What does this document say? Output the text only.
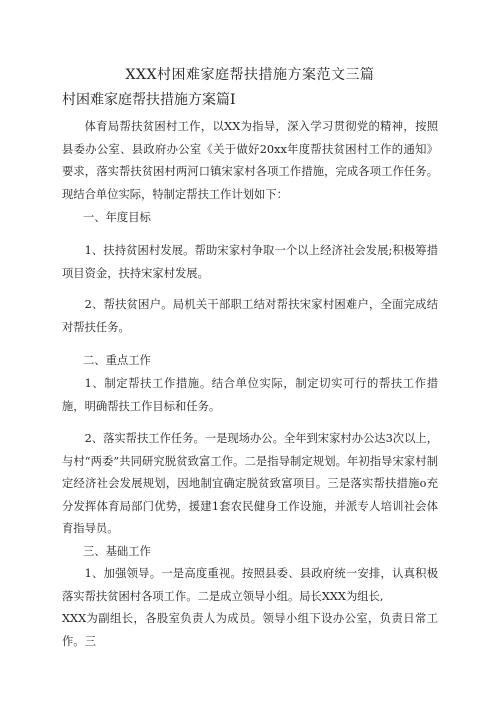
XXX村困难家庭帮扶措施方案范文三篇
村困难家庭帮扶措施方案篇Ⅰ

体育局帮扶贫困村工作，以XX为指导，深入学习贯彻党的精神，按照县委办公室、县政府办公室《关于做好20xx年度帮扶贫困村工作的通知》要求，落实帮扶贫困村两河口镇宋家村各项工作措施，完成各项工作任务。现结合单位实际，特制定帮扶工作计划如下：

一、年度目标

1、扶持贫困村发展。帮助宋家村争取一个以上经济社会发展;积极筹措项目资金，扶持宋家村发展。

2、帮扶贫困户。局机关干部职工结对帮扶宋家村困难户，全面完成结对帮扶任务。

二、重点工作

1、制定帮扶工作措施。结合单位实际，制定切实可行的帮扶工作措施，明确帮扶工作目标和任务。

2、落实帮扶工作任务。一是现场办公。全年到宋家村办公达3次以上，与村“两委”共同研究脱贫致富工作。二是指导制定规划。年初指导宋家村制定经济社会发展规划，因地制宜确定脱贫致富项目。三是落实帮扶措施o充分发挥体育局部门优势，援建1套农民健身工作设施，并派专人培训社会体育指导员。

三、基础工作

1、加强领导。一是高度重视。按照县委、县政府统一安排，认真积极落实帮扶贫困村各项工作。二是成立领导小组。局长XXX为组长,

XXX为副组长，各股室负责人为成员。领导小组下设办公室，负责日常工作。三
